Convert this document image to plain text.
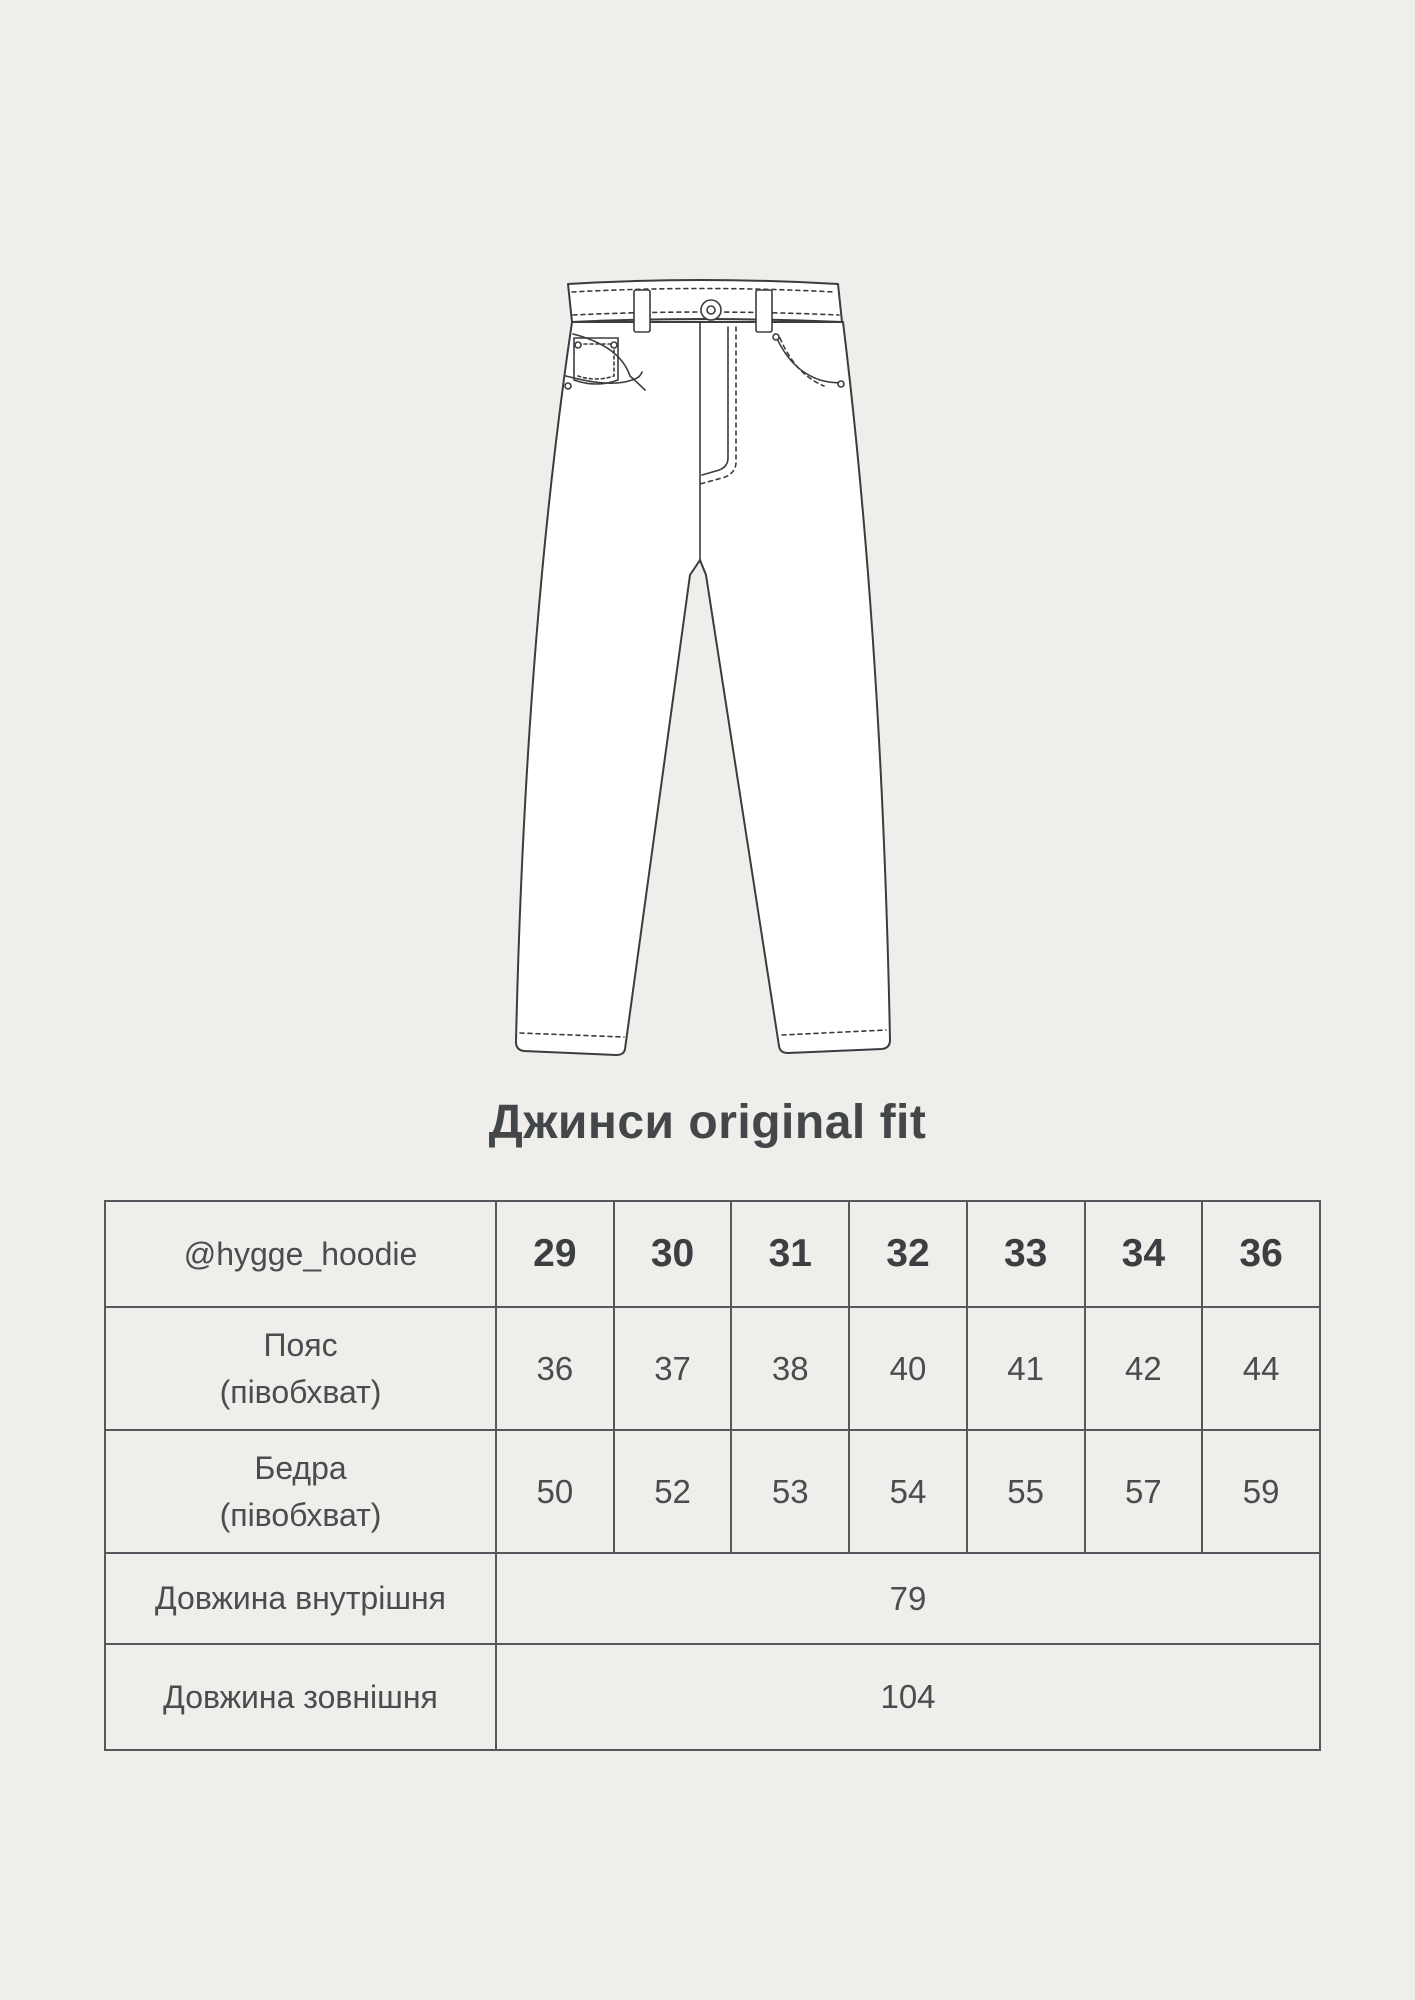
Джинси original fit
@hygge_hoodie	29	30	31	32	33	34	36
Пояс
(півобхват)	36	37	38	40	41	42	44
Бедра
(півобхват)	50	52	53	54	55	57	59
Довжина внутрішня	79						
Довжина зовнішня	104						
